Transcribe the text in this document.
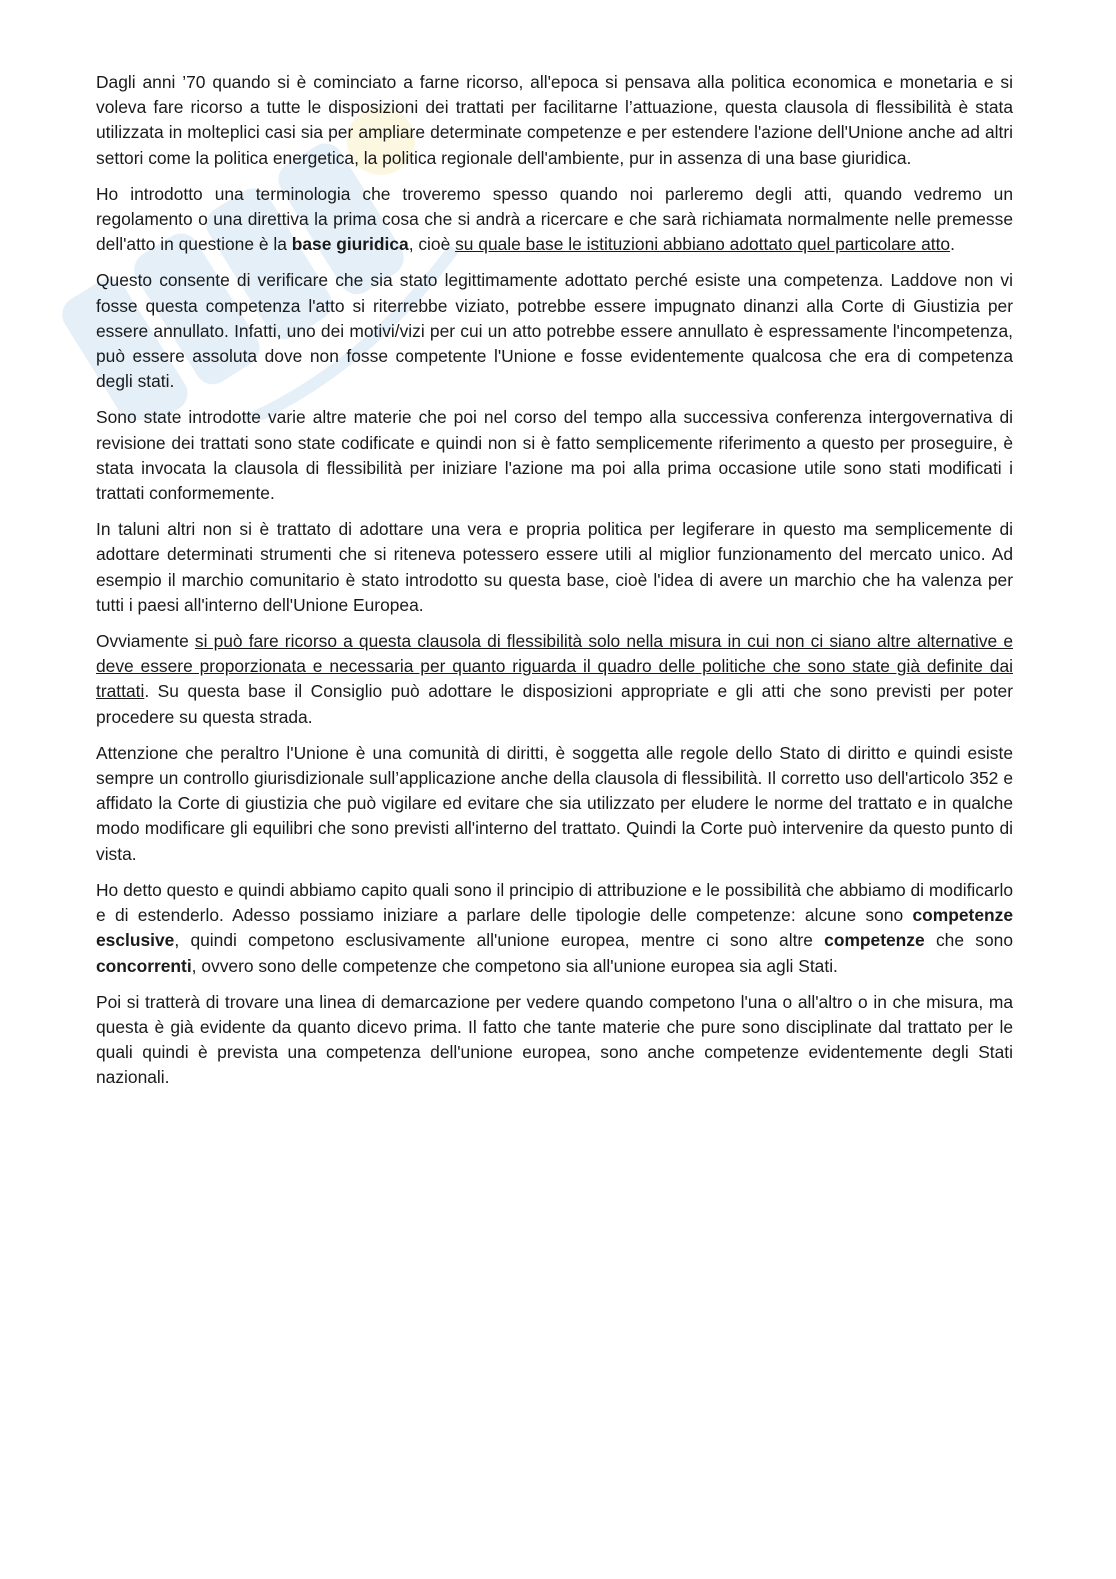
Dagli anni ’70 quando si è cominciato a farne ricorso, all'epoca si pensava alla politica economica e monetaria e si voleva fare ricorso a tutte le disposizioni dei trattati per facilitarne l’attuazione, questa clausola di flessibilità è stata utilizzata in molteplici casi sia per ampliare determinate competenze e per estendere l'azione dell'Unione anche ad altri settori come la politica energetica, la politica regionale dell'ambiente, pur in assenza di una base giuridica.

Ho introdotto una terminologia che troveremo spesso quando noi parleremo degli atti, quando vedremo un regolamento o una direttiva la prima cosa che si andrà a ricercare e che sarà richiamata normalmente nelle premesse dell'atto in questione è la base giuridica, cioè su quale base le istituzioni abbiano adottato quel particolare atto.

Questo consente di verificare che sia stato legittimamente adottato perché esiste una competenza. Laddove non vi fosse questa competenza l'atto si riterrebbe viziato, potrebbe essere impugnato dinanzi alla Corte di Giustizia per essere annullato. Infatti, uno dei motivi/vizi per cui un atto potrebbe essere annullato è espressamente l'incompetenza, può essere assoluta dove non fosse competente l'Unione e fosse evidentemente qualcosa che era di competenza degli stati.

Sono state introdotte varie altre materie che poi nel corso del tempo alla successiva conferenza intergovernativa di revisione dei trattati sono state codificate e quindi non si è fatto semplicemente riferimento a questo per proseguire, è stata invocata la clausola di flessibilità per iniziare l'azione ma poi alla prima occasione utile sono stati modificati i trattati conformemente.

In taluni altri non si è trattato di adottare una vera e propria politica per legiferare in questo ma semplicemente di adottare determinati strumenti che si riteneva potessero essere utili al miglior funzionamento del mercato unico. Ad esempio il marchio comunitario è stato introdotto su questa base, cioè l'idea di avere un marchio che ha valenza per tutti i paesi all'interno dell'Unione Europea.

Ovviamente si può fare ricorso a questa clausola di flessibilità solo nella misura in cui non ci siano altre alternative e deve essere proporzionata e necessaria per quanto riguarda il quadro delle politiche che sono state già definite dai trattati. Su questa base il Consiglio può adottare le disposizioni appropriate e gli atti che sono previsti per poter procedere su questa strada.

Attenzione che peraltro l'Unione è una comunità di diritti, è soggetta alle regole dello Stato di diritto e quindi esiste sempre un controllo giurisdizionale sull’applicazione anche della clausola di flessibilità. Il corretto uso dell'articolo 352 e affidato la Corte di giustizia che può vigilare ed evitare che sia utilizzato per eludere le norme del trattato e in qualche modo modificare gli equilibri che sono previsti all'interno del trattato. Quindi la Corte può intervenire da questo punto di vista.

Ho detto questo e quindi abbiamo capito quali sono il principio di attribuzione e le possibilità che abbiamo di modificarlo e di estenderlo. Adesso possiamo iniziare a parlare delle tipologie delle competenze: alcune sono competenze esclusive, quindi competono esclusivamente all'unione europea, mentre ci sono altre competenze che sono concorrenti, ovvero sono delle competenze che competono sia all'unione europea sia agli Stati.

Poi si tratterà di trovare una linea di demarcazione per vedere quando competono l'una o all'altro o in che misura, ma questa è già evidente da quanto dicevo prima. Il fatto che tante materie che pure sono disciplinate dal trattato per le quali quindi è prevista una competenza dell'unione europea, sono anche competenze evidentemente degli Stati nazionali.
